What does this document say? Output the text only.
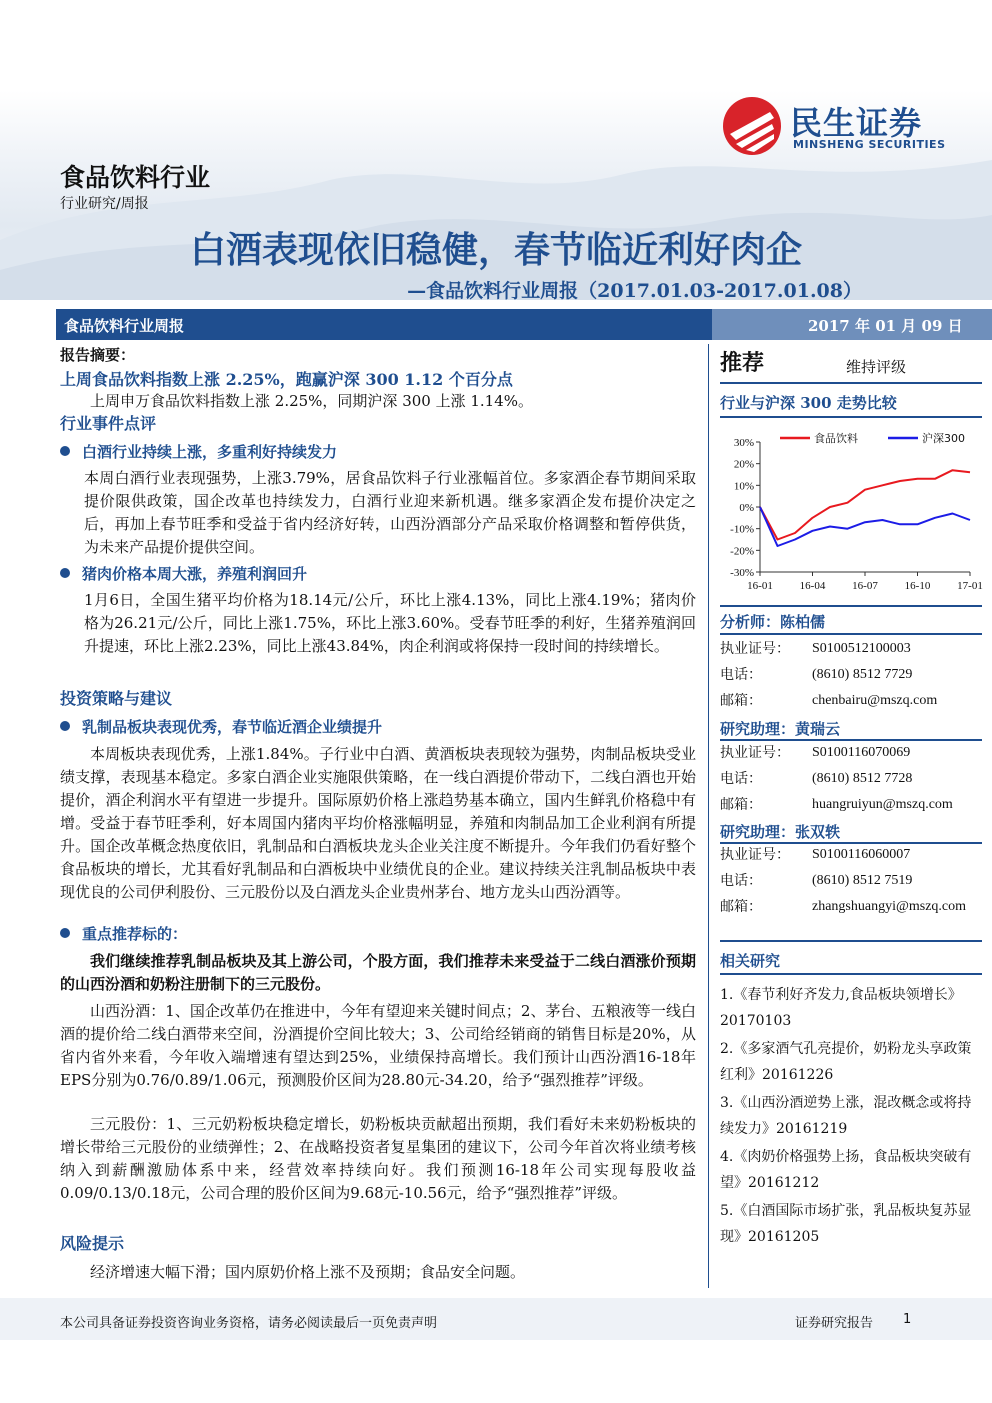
民生证券
MINSHENG SECURITIES
食品饮料行业
行业研究/周报
白酒表现依旧稳健，春节临近利好肉企
—食品饮料行业周报（2017.01.03-2017.01.08）
食品饮料行业周报	2017 年 01 月 09 日
报告摘要：
上周食品饮料指数上涨 2.25%，跑赢沪深 300 1.12 个百分点
上周申万食品饮料指数上涨 2.25%，同期沪深 300 上涨 1.14%。
行业事件点评
白酒行业持续上涨，多重利好持续发力
本周白酒行业表现强势，上涨3.79%，居食品饮料子行业涨幅首位。多家酒企春节期间采取提价限供政策，国企改革也持续发力，白酒行业迎来新机遇。继多家酒企发布提价决定之后，再加上春节旺季和受益于省内经济好转，山西汾酒部分产品采取价格调整和暂停供货，为未来产品提价提供空间。
猪肉价格本周大涨，养殖利润回升
1月6日，全国生猪平均价格为18.14元/公斤，环比上涨4.13%，同比上涨4.19%；猪肉价格为26.21元/公斤，同比上涨1.75%，环比上涨3.60%。受春节旺季的利好，生猪养殖润回升提速，环比上涨2.23%，同比上涨43.84%，肉企利润或将保持一段时间的持续增长。
投资策略与建议
乳制品板块表现优秀，春节临近酒企业绩提升
本周板块表现优秀，上涨1.84%。子行业中白酒、黄酒板块表现较为强势，肉制品板块受业绩支撑，表现基本稳定。多家白酒企业实施限供策略，在一线白酒提价带动下，二线白酒也开始提价，酒企利润水平有望进一步提升。国际原奶价格上涨趋势基本确立，国内生鲜乳价格稳中有增。受益于春节旺季利，好本周国内猪肉平均价格涨幅明显，养殖和肉制品加工企业利润有所提升。国企改革概念热度依旧，乳制品和白酒板块龙头企业关注度不断提升。今年我们仍看好整个食品板块的增长，尤其看好乳制品和白酒板块中业绩优良的企业。建议持续关注乳制品板块中表现优良的公司伊利股份、三元股份以及白酒龙头企业贵州茅台、地方龙头山西汾酒等。
重点推荐标的：
我们继续推荐乳制品板块及其上游公司，个股方面，我们推荐未来受益于二线白酒涨价预期的山西汾酒和奶粉注册制下的三元股份。
山西汾酒：1、国企改革仍在推进中，今年有望迎来关键时间点；2、茅台、五粮液等一线白酒的提价给二线白酒带来空间，汾酒提价空间比较大；3、公司给经销商的销售目标是20%，从省内省外来看，今年收入端增速有望达到25%，业绩保持高增长。我们预计山西汾酒16-18年EPS分别为0.76/0.89/1.06元，预测股价区间为28.80元-34.20，给予“强烈推荐”评级。
三元股份：1、三元奶粉板块稳定增长，奶粉板块贡献超出预期，我们看好未来奶粉板块的增长带给三元股份的业绩弹性；2、在战略投资者复星集团的建议下，公司今年首次将业绩考核纳入到薪酬激励体系中来，经营效率持续向好。我们预测16-18年公司实现每股收益0.09/0.13/0.18元，公司合理的股价区间为9.68元-10.56元，给予“强烈推荐”评级。
风险提示
经济增速大幅下滑；国内原奶价格上涨不及预期；食品安全问题。
推荐	维持评级
行业与沪深 300 走势比较
30%
20%
10%
0%
-10%
-20%
-30%
16-01 16-04 16-07 16-10 17-01
食品饮料	沪深300
分析师：陈柏儒
执业证号： S0100512100003
电话：	(8610) 8512 7729
邮箱：	chenbairu@mszq.com
研究助理：黄瑞云
执业证号： S0100116070069
电话：	(8610) 8512 7728
邮箱：	huangruiyun@mszq.com
研究助理：张双轶
执业证号： S0100116060007
电话：	(8610) 8512 7519
邮箱：	zhangshuangyi@mszq.com
相关研究
1.《春节利好齐发力,食品板块领增长》20170103
2.《多家酒气孔亮提价，奶粉龙头享政策红利》20161226
3.《山西汾酒逆势上涨，混改概念或将持续发力》20161219
4.《肉奶价格强势上扬，食品板块突破有望》20161212
5.《白酒国际市场扩张，乳品板块复苏显现》20161205
本公司具备证券投资咨询业务资格，请务必阅读最后一页免责声明	证券研究报告 1
